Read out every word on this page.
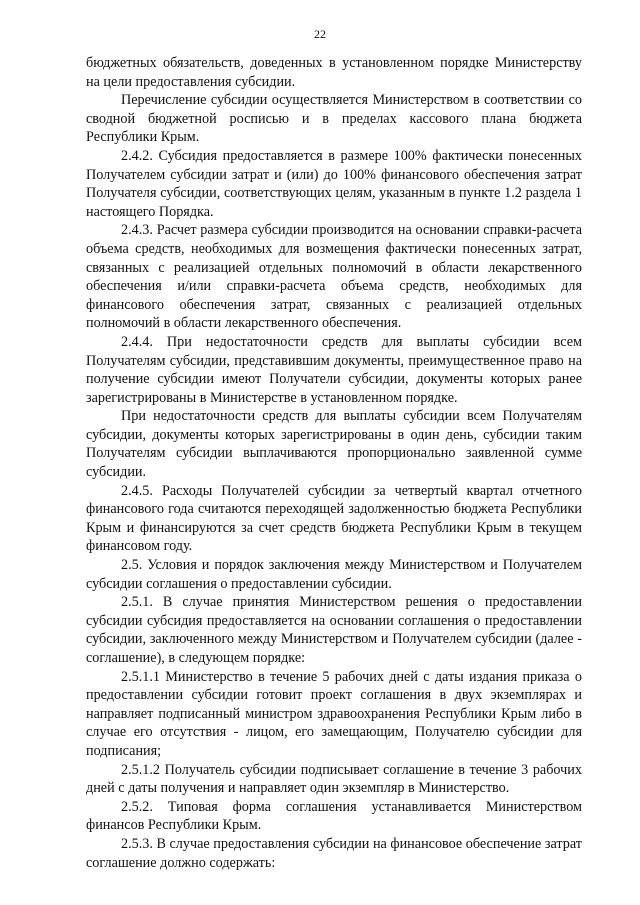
22

бюджетных обязательств, доведенных в установленном порядке Министерству на цели предоставления субсидии.

Перечисление субсидии осуществляется Министерством в соответствии со сводной бюджетной росписью и в пределах кассового плана бюджета Республики Крым.

2.4.2. Субсидия предоставляется в размере 100% фактически понесенных Получателем субсидии затрат и (или) до 100% финансового обеспечения затрат Получателя субсидии, соответствующих целям, указанным в пункте 1.2 раздела 1 настоящего Порядка.

2.4.3. Расчет размера субсидии производится на основании справки-расчета объема средств, необходимых для возмещения фактически понесенных затрат, связанных с реализацией отдельных полномочий в области лекарственного обеспечения и/или справки-расчета объема средств, необходимых для финансового обеспечения затрат, связанных с реализацией отдельных полномочий в области лекарственного обеспечения.

2.4.4. При недостаточности средств для выплаты субсидии всем Получателям субсидии, представившим документы, преимущественное право на получение субсидии имеют Получатели субсидии, документы которых ранее зарегистрированы в Министерстве в установленном порядке.

При недостаточности средств для выплаты субсидии всем Получателям субсидии, документы которых зарегистрированы в один день, субсидии таким Получателям субсидии выплачиваются пропорционально заявленной сумме субсидии.

2.4.5. Расходы Получателей субсидии за четвертый квартал отчетного финансового года считаются переходящей задолженностью бюджета Республики Крым и финансируются за счет средств бюджета Республики Крым в текущем финансовом году.

2.5. Условия и порядок заключения между Министерством и Получателем субсидии соглашения о предоставлении субсидии.

2.5.1. В случае принятия Министерством решения о предоставлении субсидии субсидия предоставляется на основании соглашения о предоставлении субсидии, заключенного между Министерством и Получателем субсидии (далее - соглашение), в следующем порядке:

2.5.1.1 Министерство в течение 5 рабочих дней с даты издания приказа о предоставлении субсидии готовит проект соглашения в двух экземплярах и направляет подписанный министром здравоохранения Республики Крым либо в случае его отсутствия - лицом, его замещающим, Получателю субсидии для подписания;

2.5.1.2 Получатель субсидии подписывает соглашение в течение 3 рабочих дней с даты получения и направляет один экземпляр в Министерство.

2.5.2. Типовая форма соглашения устанавливается Министерством финансов Республики Крым.

2.5.3. В случае предоставления субсидии на финансовое обеспечение затрат соглашение должно содержать:
